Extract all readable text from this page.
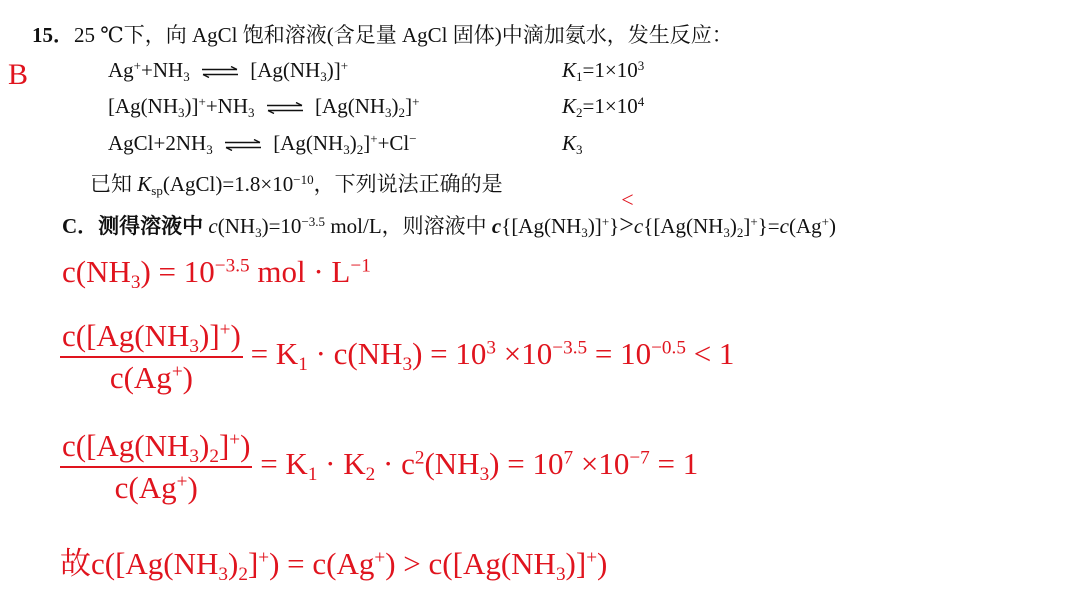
15．25 ℃下，向 AgCl 饱和溶液(含足量 AgCl 固体)中滴加氨水，发生反应：
B	$Ag^++NH_3$ ⇌ $[Ag(NH_3)]^+$	$K_1=1\times 10^3$
$[Ag(NH_3)]^++NH_3$ ⇌ $[Ag(NH_3)_2]^+$	$K_2=1\times 10^4$
$AgCl+2NH_3$ ⇌ $[Ag(NH_3)_2]^++Cl^-$	$K_3$
已知 $K_{sp}(AgCl)=1.8\times 10^{-10}$，下列说法正确的是
C．测得溶液中 $c(NH_3)=10^{-3.5}$ mol/L，则溶液中 $c\{[Ag(NH_3)]^+\}>$
<
$c\{[Ag(NH_3)_2]^+\}=c(Ag^+)$
$c(NH_3) = 10^{-3.5}$ mol · $L^{-1}$
$\frac{c([Ag(NH_3)]^+)}{c(Ag^+)} = K_1 \cdot c(NH_3) = 10^3 \times 10^{-3.5} = 10^{-0.5} < 1$
$\frac{c([Ag(NH_3)_2]^+)}{c(Ag^+)} = K_1 \cdot K_2 \cdot c^2(NH_3) = 10^7 \times 10^{-7} = 1$
故$c([Ag(NH_3)_2]^+) = c(Ag^+) > c([Ag(NH_3)]^+)$
